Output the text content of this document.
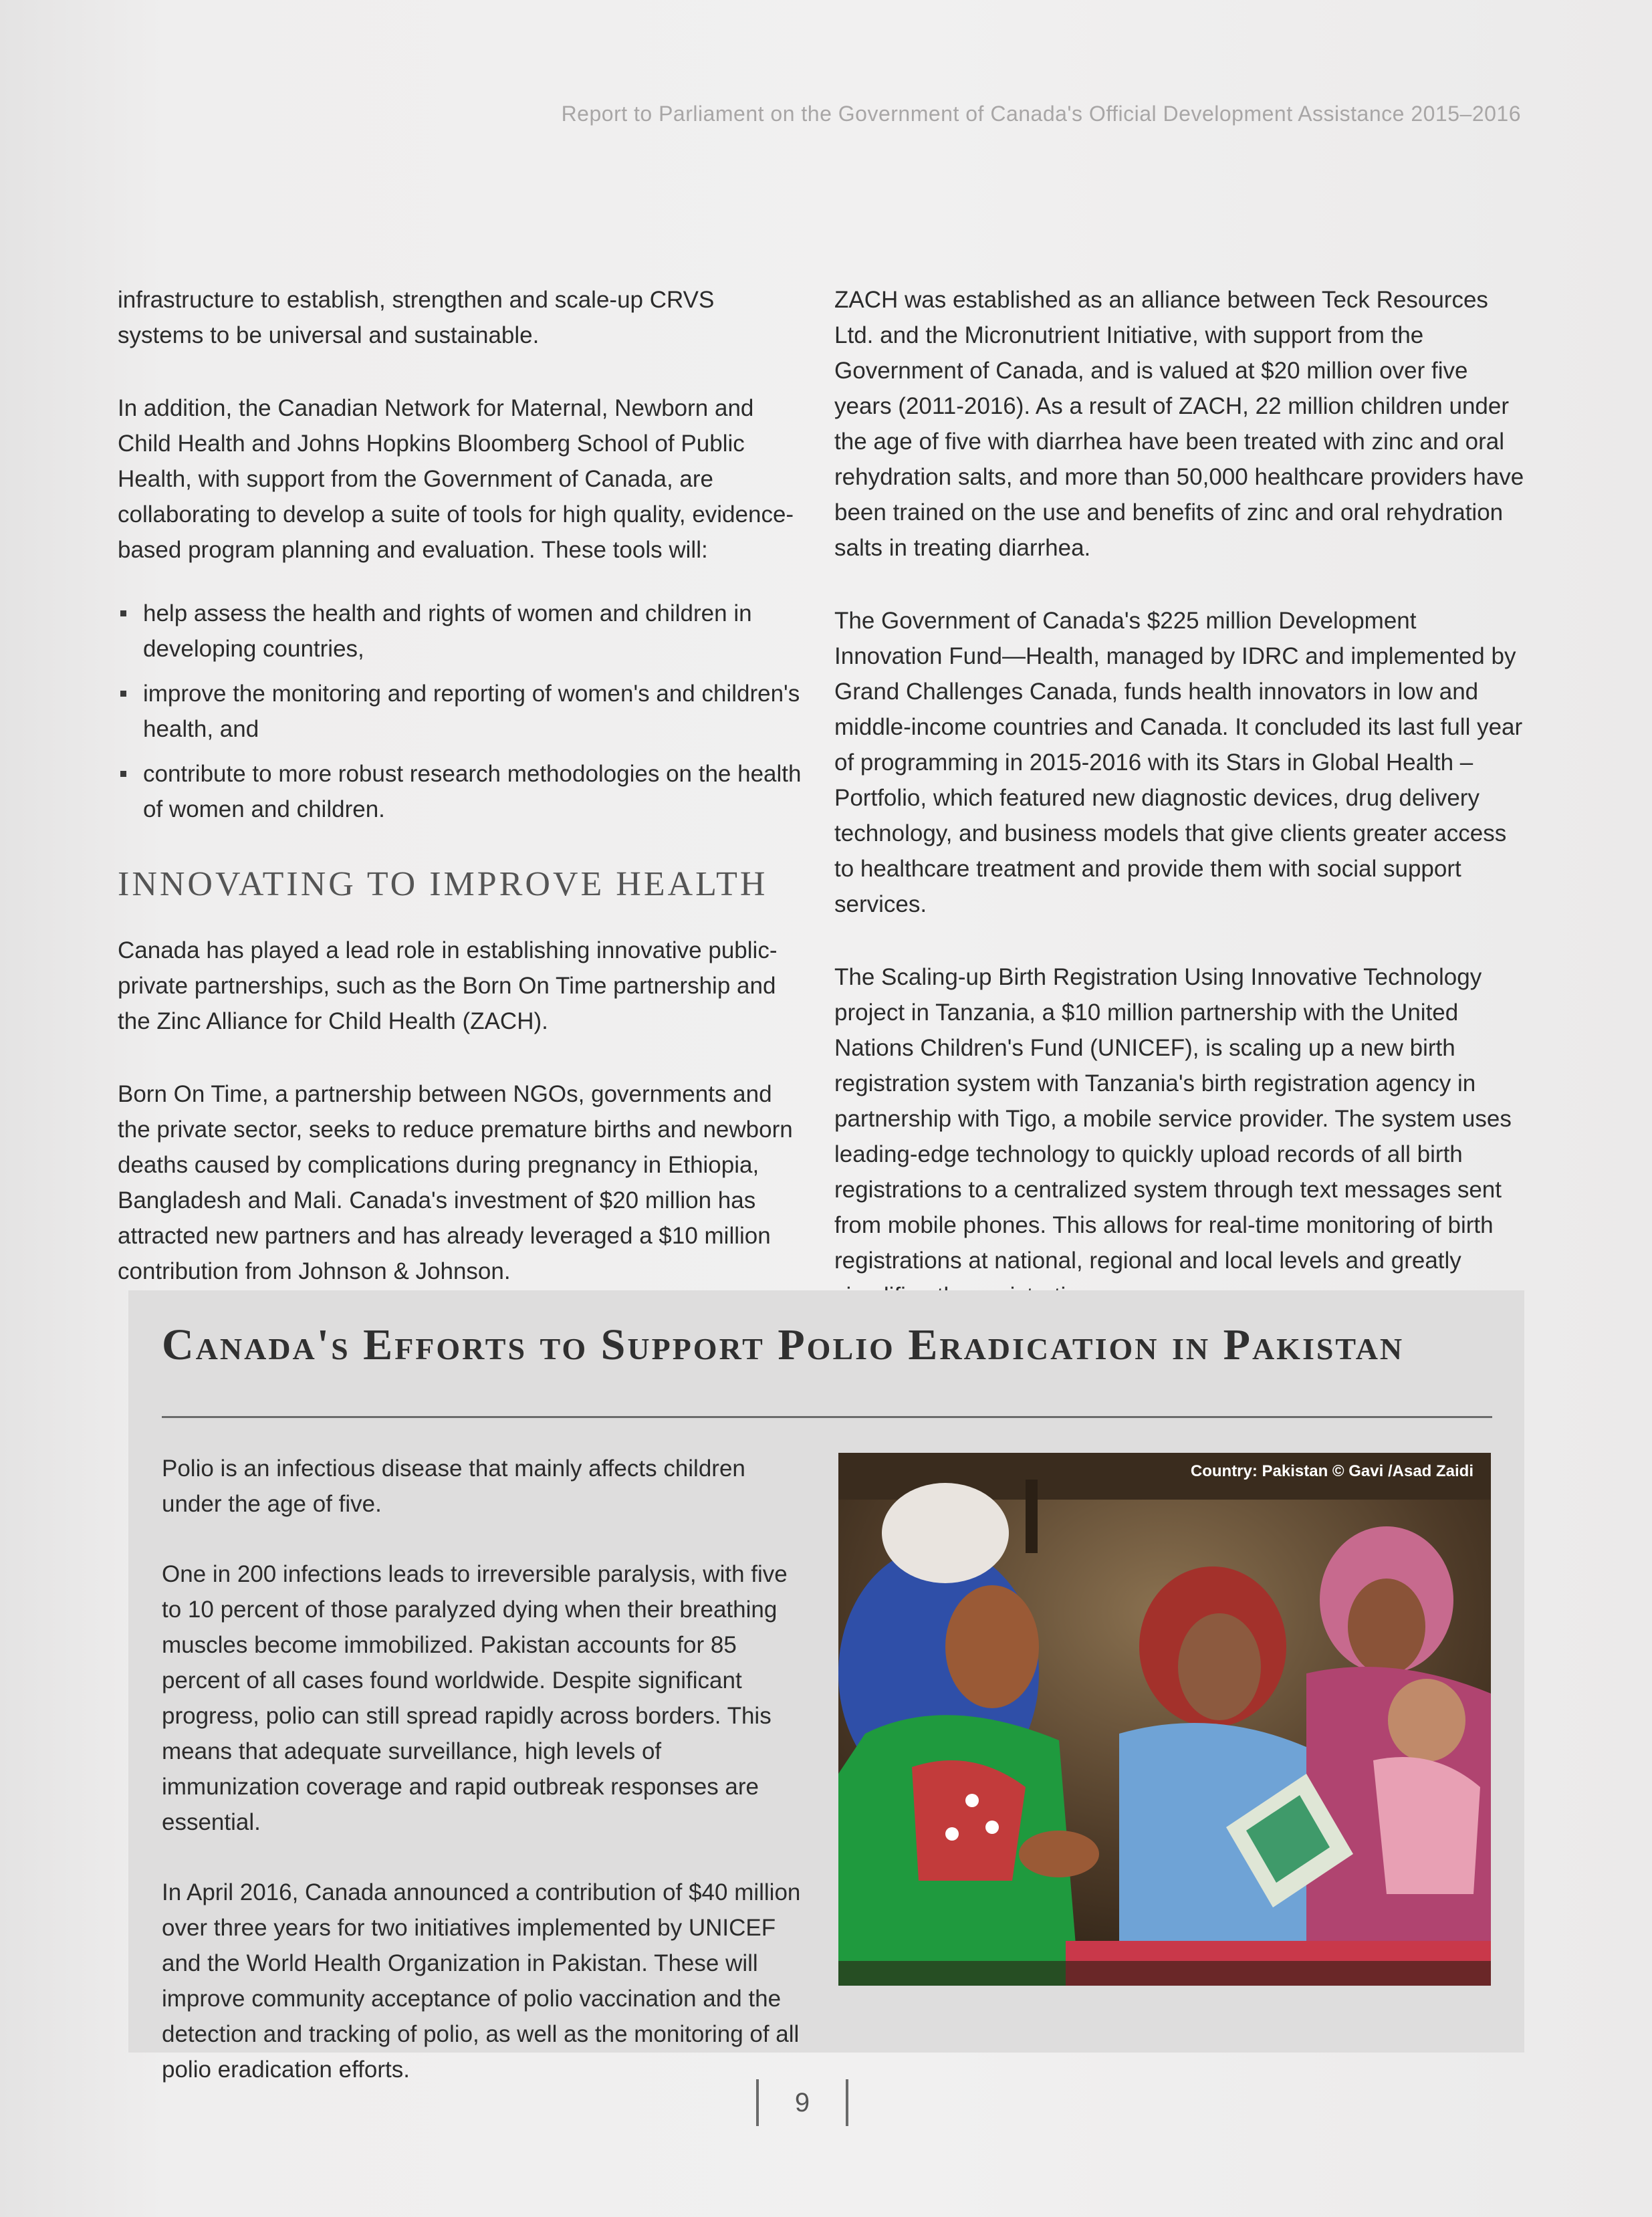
Report to Parliament on the Government of Canada's Official Development Assistance 2015–2016

infrastructure to establish, strengthen and scale-up CRVS systems to be universal and sustainable.

In addition, the Canadian Network for Maternal, Newborn and Child Health and Johns Hopkins Bloomberg School of Public Health, with support from the Government of Canada, are collaborating to develop a suite of tools for high quality, evidence-based program planning and evaluation. These tools will:

help assess the health and rights of women and children in developing countries,
improve the monitoring and reporting of women's and children's health, and
contribute to more robust research methodologies on the health of women and children.
INNOVATING TO IMPROVE HEALTH

Canada has played a lead role in establishing innovative public-private partnerships, such as the Born On Time partnership and the Zinc Alliance for Child Health (ZACH).

Born On Time, a partnership between NGOs, governments and the private sector, seeks to reduce premature births and newborn deaths caused by complications during pregnancy in Ethiopia, Bangladesh and Mali. Canada's investment of $20 million has attracted new partners and has already leveraged a $10 million contribution from Johnson & Johnson.

ZACH was established as an alliance between Teck Resources Ltd. and the Micronutrient Initiative, with support from the Government of Canada, and is valued at $20 million over five years (2011-2016). As a result of ZACH, 22 million children under the age of five with diarrhea have been treated with zinc and oral rehydration salts, and more than 50,000 healthcare providers have been trained on the use and benefits of zinc and oral rehydration salts in treating diarrhea.

The Government of Canada's $225 million Development Innovation Fund—Health, managed by IDRC and implemented by Grand Challenges Canada, funds health innovators in low and middle-income countries and Canada. It concluded its last full year of programming in 2015-2016 with its Stars in Global Health – Portfolio, which featured new diagnostic devices, drug delivery technology, and business models that give clients greater access to healthcare treatment and provide them with social support services.

The Scaling-up Birth Registration Using Innovative Technology project in Tanzania, a $10 million partnership with the United Nations Children's Fund (UNICEF), is scaling up a new birth registration system with Tanzania's birth registration agency in partnership with Tigo, a mobile service provider. The system uses leading-edge technology to quickly upload records of all birth registrations to a centralized system through text messages sent from mobile phones. This allows for real-time monitoring of birth registrations at national, regional and local levels and greatly

Canada's Efforts to Support Polio Eradication in Pakistan

Polio is an infectious disease that mainly affects children under the age of five.

One in 200 infections leads to irreversible paralysis, with five to 10 percent of those paralyzed dying when their breathing muscles become immobilized. Pakistan accounts for 85 percent of all cases found worldwide. Despite significant progress, polio can still spread rapidly across borders. This means that adequate surveillance, high levels of immunization coverage and rapid outbreak responses are essential.

In April 2016, Canada announced a contribution of $40 million over three years for two initiatives implemented by UNICEF and the World Health Organization in Pakistan. These will improve community acceptance of polio vaccination and the detection and tracking of polio, as well as the monitoring of all polio eradication efforts.

Country: Pakistan © Gavi /Asad Zaidi
9
